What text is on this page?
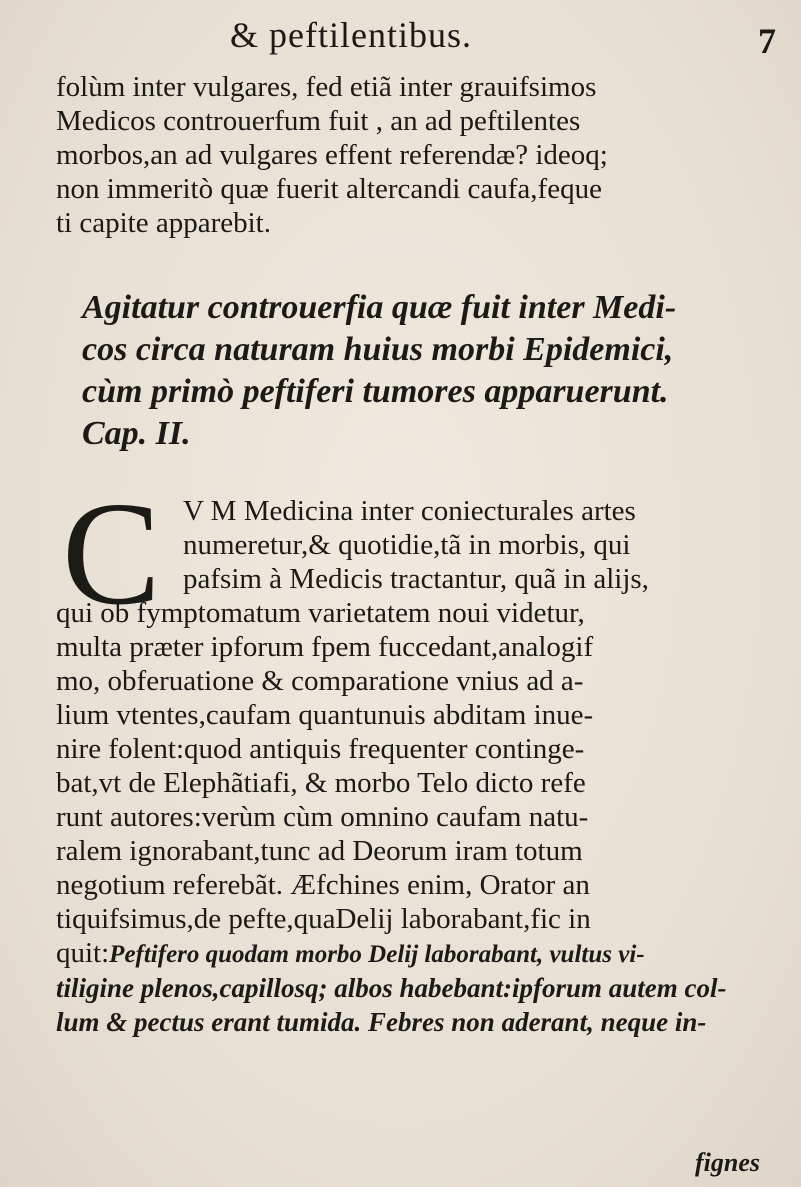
& peftilentibus.	7
folùm inter vulgares, fed etiã inter grauifsimos
Medicos controuerfum fuit , an ad peftilentes
morbos,an ad vulgares effent referendæ? ideoq;
non immeritò quæ fuerit altercandi caufa,feque
ti capite apparebit.
Agitatur controuerfia quæ fuit inter Medi-
cos circa naturam huius morbi Epidemici,
cùm primò peftiferi tumores apparuerunt.
Cap. II.
C V M Medicina inter coniecturales artes
numeretur,& quotidie,tã in morbis, qui
pafsim à Medicis tractantur, quã in alijs,
qui ob fymptomatum varietatem noui videtur,
multa præter ipforum fpem fuccedant,analogif
mo, obferuatione & comparatione vnius ad a-
lium vtentes,caufam quantunuis abditam inue-
nire folent:quod antiquis frequenter continge-
bat,vt de Elephãtiafi, & morbo Telo dicto refe
runt autores:verùm cùm omnino caufam natu-
ralem ignorabant,tunc ad Deorum iram totum
negotium referebãt. Æfchines enim, Orator an
tiquifsimus,de pefte,quaDelij laborabant,fic in
quit:Peftifero quodam morbo Delij laborabant, vultus vi-
tiligine plenos,capillosq; albos habebant:ipforum autem col-
lum & pectus erant tumida. Febres non aderant, neque in-
fignes
